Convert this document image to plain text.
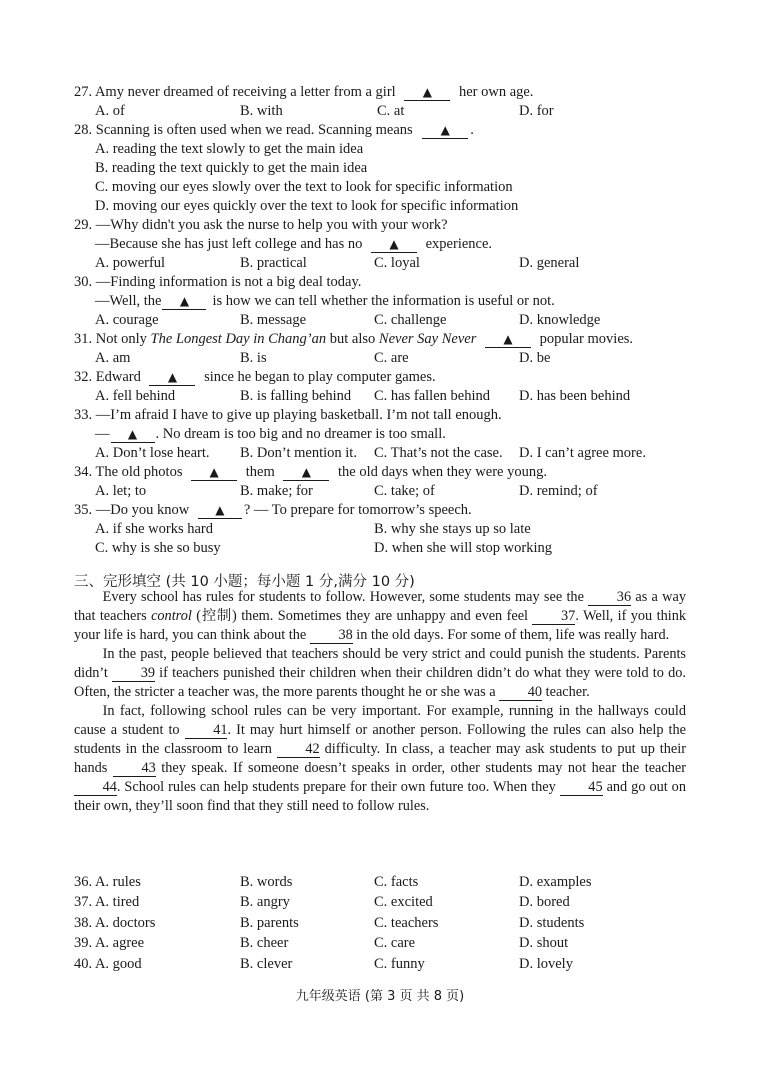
27. Amy never dreamed of receiving a letter from a girl ▲ her own age.
A. of	B. with	C. at	D. for
28. Scanning is often used when we read. Scanning means ▲ .
A. reading the text slowly to get the main idea
B. reading the text quickly to get the main idea
C. moving our eyes slowly over the text to look for specific information
D. moving our eyes quickly over the text to look for specific information
29. —Why didn't you ask the nurse to help you with your work?
—Because she has just left college and has no ▲ experience.
A. powerful	B. practical	C. loyal	D. general
30. —Finding information is not a big deal today.
—Well, the ▲ is how we can tell whether the information is useful or not.
A. courage	B. message	C. challenge	D. knowledge
31. Not only The Longest Day in Chang’an but also Never Say Never ▲ popular movies.
A. am	B. is	C. are	D. be
32. Edward ▲ since he began to play computer games.
A. fell behind	B. is falling behind C. has fallen behind D. has been behind
33. —I’m afraid I have to give up playing basketball. I’m not tall enough.
— ▲ . No dream is too big and no dreamer is too small.
A. Don’t lose heart. B. Don’t mention it. C. That’s not the case. D. I can’t agree more.
34. The old photos ▲ them ▲ the old days when they were young.
A. let; to	B. make; for	C. take; of	D. remind; of
35. —Do you know ▲ ? — To prepare for tomorrow’s speech.
A. if she works hard	B. why she stays up so late
C. why is she so busy	D. when she will stop working
三、完形填空 (共 10 小题；每小题 1 分,满分 10 分)

Every school has rules for students to follow. However, some students may see the 36 as a way that teachers control (控制) them. Sometimes they are unhappy and even feel 37. Well, if you think your life is hard, you can think about the 38 in the old days. For some of them, life was really hard.

In the past, people believed that teachers should be very strict and could punish the students. Parents didn’t 39 if teachers punished their children when their children didn’t do what they were told to do. Often, the stricter a teacher was, the more parents thought he or she was a 40 teacher.

In fact, following school rules can be very important. For example, running in the hallways could cause a student to 41. It may hurt himself or another person. Following the rules can also help the students in the classroom to learn 42 difficulty. In class, a teacher may ask students to put up their hands 43 they speak. If someone doesn’t speaks in order, other students may not hear the teacher44. School rules can help students prepare for their own future too. When they 45 and go out on their own, they’ll soon find that they still need to follow rules.

36. A. rules	B. words	C. facts	D. examples
37. A. tired	B. angry	C. excited	D. bored
38. A. doctors	B. parents	C. teachers	D. students
39. A. agree	B. cheer	C. care	D. shout
40. A. good	B. clever	C. funny	D. lovely
九年级英语 (第 3 页 共 8 页)
